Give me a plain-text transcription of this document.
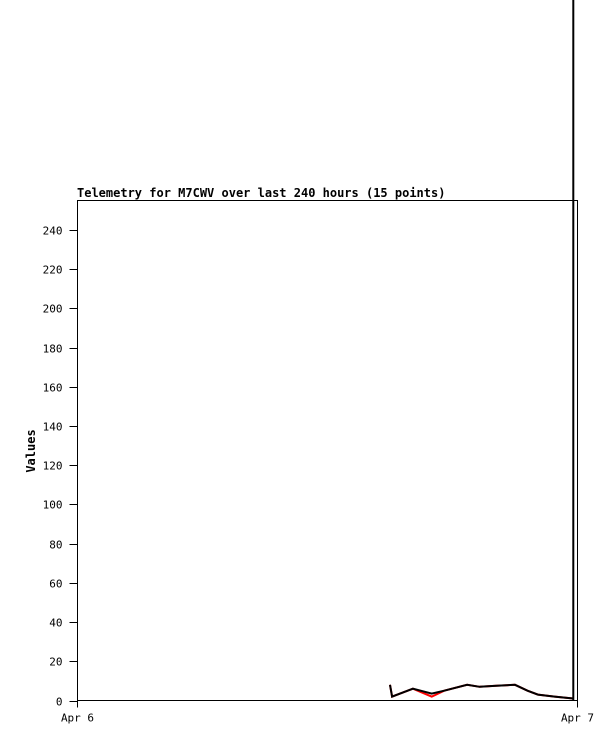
Telemetry for M7CWV over last 240 hours (15 points)
Values
0
20
40
60
80
100
120
140
160
180
200
220
240
Apr 6	Apr 7
